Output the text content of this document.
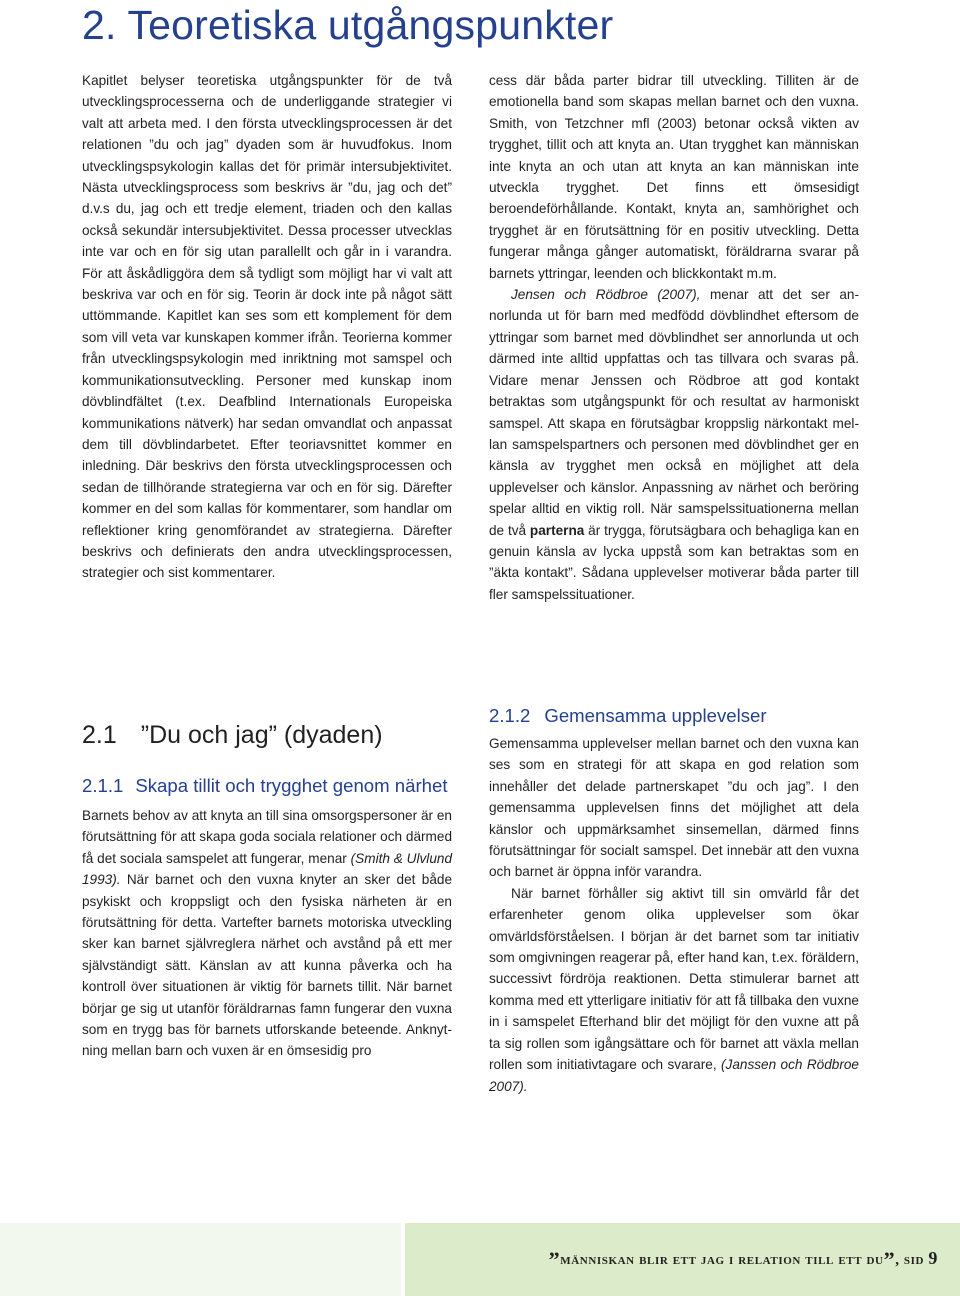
2. Teoretiska utgångspunkter

Kapitlet belyser teoretiska utgångspunkter för de två utvecklingsprocesserna och de underliggande strategier vi valt att arbeta med. I den första utvecklingsprocessen är det relationen ”du och jag” dyaden som är huvudfokus. Inom utvecklingspsykologin kallas det för primär intersubjektivitet. Nästa utvecklingsprocess som beskrivs är ”du, jag och det” d.v.s du, jag och ett tredje element, triaden och den kallas också sekundär intersubjektivitet. Dessa processer utvecklas inte var och en för sig utan parallellt och går in i varandra. För att åskådliggöra dem så tydligt som möjligt har vi valt att beskriva var och en för sig. Teorin är dock inte på något sätt uttömmande. Kapitlet kan ses som ett komplement för dem som vill veta var kunskapen kommer ifrån. Teorierna kommer från utvecklingspsykologin med inriktning mot samspel och kommunikationsutveckling. Personer med kunskap inom dövblindfältet (t.ex. Deafblind Internationals Europeiska kommunikations nätverk) har sedan omvandlat och anpassat dem till dövblindarbetet. Efter teoriavsnittet kommer en inledning. Där beskrivs den första utvecklingsprocessen och sedan de tillhörande strategierna var och en för sig. Därefter kommer en del som kallas för kommentarer, som handlar om reflektioner kring genomförandet av strategierna. Därefter beskrivs och definierats den andra utvecklingsprocessen, strategier och sist kommentarer.

2.1 ”Du och jag” (dyaden)
2.1.1 Skapa tillit och trygghet genom närhet

Barnets behov av att knyta an till sina omsorgspersoner är en förutsättning för att skapa goda sociala relationer och därmed få det sociala samspelet att fungerar, menar (Smith & Ulvlund 1993). När barnet och den vuxna knyter an sker det både psykiskt och kroppsligt och den fysiska närheten är en förutsättning för detta. Vartefter barnets motoriska utveckling sker kan barnet självreglera närhet och avstånd på ett mer självständigt sätt. Känslan av att kunna påverka och ha kontroll över situationen är viktig för barnets tillit. När barnet börjar ge sig ut utanför föräldrarnas famn fungerar den vuxna som en trygg bas för barnets utforskande beteende. Anknytning mellan barn och vuxen är en ömsesidig pro

cess där båda parter bidrar till utveckling. Tilliten är de emotionella band som skapas mellan barnet och den vuxna. Smith, von Tetzchner mfl (2003) betonar också vikten av trygghet, tillit och att knyta an. Utan trygghet kan människan inte knyta an och utan att knyta an kan människan inte utveckla trygghet. Det finns ett ömsesidigt beroendeförhållande. Kontakt, knyta an, samhörighet och trygghet är en förutsättning för en positiv utveckling. Detta fungerar många gånger automatiskt, föräldrarna svarar på barnets yttringar, leenden och blickkontakt m.m.

Jensen och Rödbroe (2007), menar att det ser annorlunda ut för barn med medfödd dövblindhet eftersom de yttringar som barnet med dövblindhet ser annorlunda ut och därmed inte alltid uppfattas och tas tillvara och svaras på. Vidare menar Jenssen och Rödbroe att god kontakt betraktas som utgångspunkt för och resultat av harmoniskt samspel. Att skapa en förutsägbar kroppslig närkontakt mellan samspelspartners och personen med dövblindhet ger en känsla av trygghet men också en möjlighet att dela upplevelser och känslor. Anpassning av närhet och beröring spelar alltid en viktig roll. När samspelssituationerna mellan de två parterna är trygga, förutsägbara och behagliga kan en genuin känsla av lycka uppstå som kan betraktas som en ”äkta kontakt”. Sådana upplevelser motiverar båda parter till fler samspelssituationer.

2.1.2 Gemensamma upplevelser

Gemensamma upplevelser mellan barnet och den vuxna kan ses som en strategi för att skapa en god relation som innehåller det delade partnerskapet ”du och jag”. I den gemensamma upplevelsen finns det möjlighet att dela känslor och uppmärksamhet sinsemellan, därmed finns förutsättningar för socialt samspel. Det innebär att den vuxna och barnet är öppna inför varandra.

När barnet förhåller sig aktivt till sin omvärld får det erfarenheter genom olika upplevelser som ökar omvärldsförståelsen. I början är det barnet som tar initiativ som omgivningen reagerar på, efter hand kan, t.ex. föräldern, successivt fördröja reaktionen. Detta stimulerar barnet att komma med ett ytterligare initiativ för att få tillbaka den vuxne in i samspelet Efterhand blir det möjligt för den vuxne att på ta sig rollen som igångsättare och för barnet att växla mellan rollen som initiativtagare och svarare, (Janssen och Rödbroe 2007).

”människan blir ett jag i relation till ett du”, sid 9
